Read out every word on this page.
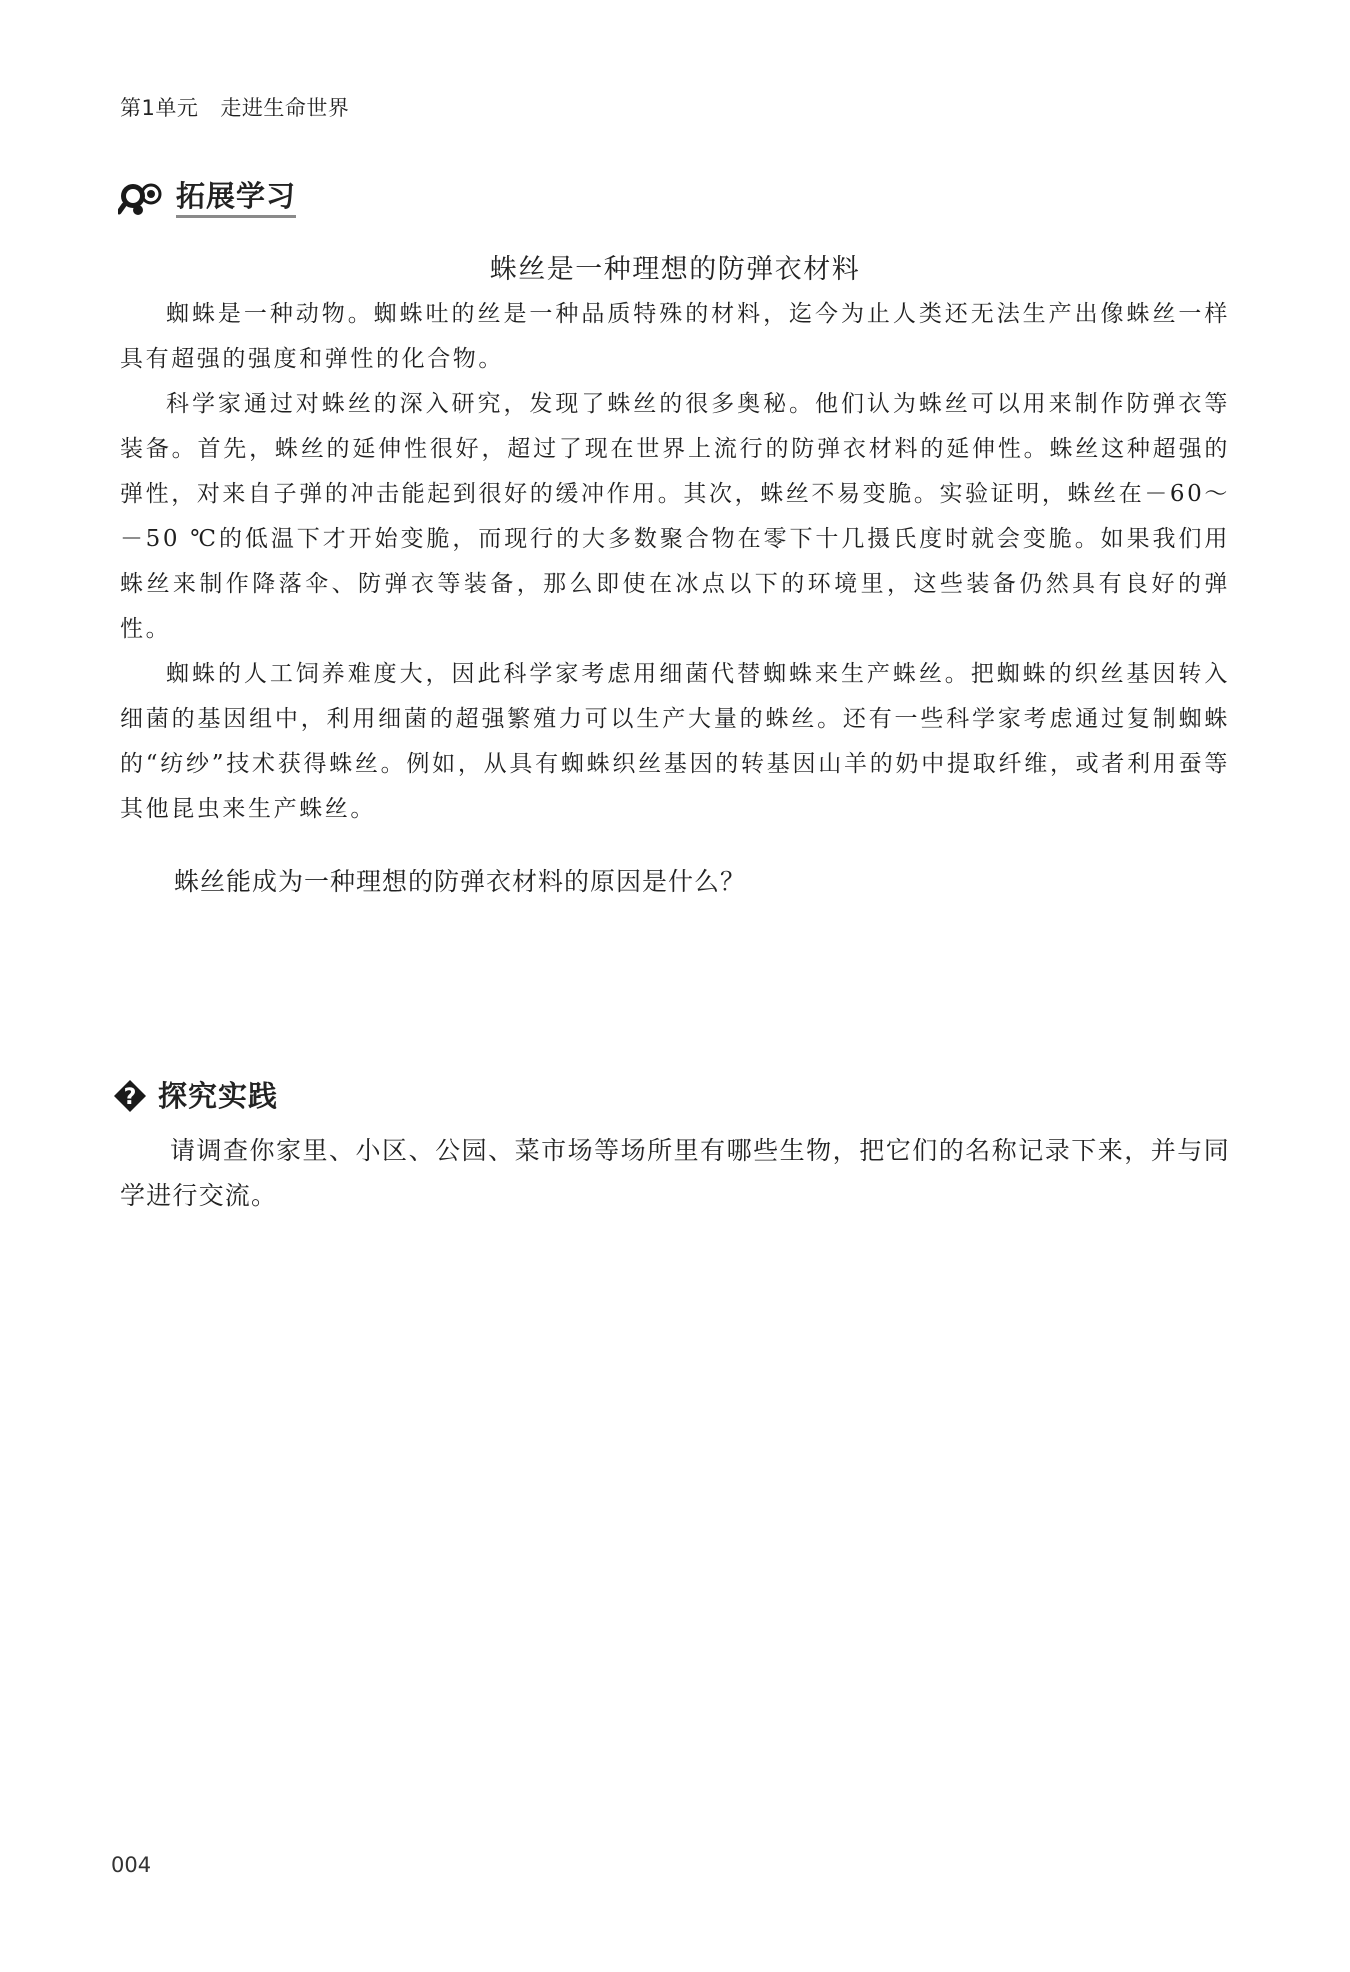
第1单元 走进生命世界
拓展学习
蛛丝是一种理想的防弹衣材料

蜘蛛是一种动物。蜘蛛吐的丝是一种品质特殊的材料，迄今为止人类还无法生产出像蛛丝一样具有超强的强度和弹性的化合物。

科学家通过对蛛丝的深入研究，发现了蛛丝的很多奥秘。他们认为蛛丝可以用来制作防弹衣等装备。首先，蛛丝的延伸性很好，超过了现在世界上流行的防弹衣材料的延伸性。蛛丝这种超强的弹性，对来自子弹的冲击能起到很好的缓冲作用。其次，蛛丝不易变脆。实验证明，蛛丝在－60～－50 ℃的低温下才开始变脆，而现行的大多数聚合物在零下十几摄氏度时就会变脆。如果我们用蛛丝来制作降落伞、防弹衣等装备，那么即使在冰点以下的环境里，这些装备仍然具有良好的弹性。

蜘蛛的人工饲养难度大，因此科学家考虑用细菌代替蜘蛛来生产蛛丝。把蜘蛛的织丝基因转入细菌的基因组中，利用细菌的超强繁殖力可以生产大量的蛛丝。还有一些科学家考虑通过复制蜘蛛的“纺纱”技术获得蛛丝。例如，从具有蜘蛛织丝基因的转基因山羊的奶中提取纤维，或者利用蚕等其他昆虫来生产蛛丝。

蛛丝能成为一种理想的防弹衣材料的原因是什么？
? 探究实践

请调查你家里、小区、公园、菜市场等场所里有哪些生物，把它们的名称记录下来，并与同学进行交流。

004
